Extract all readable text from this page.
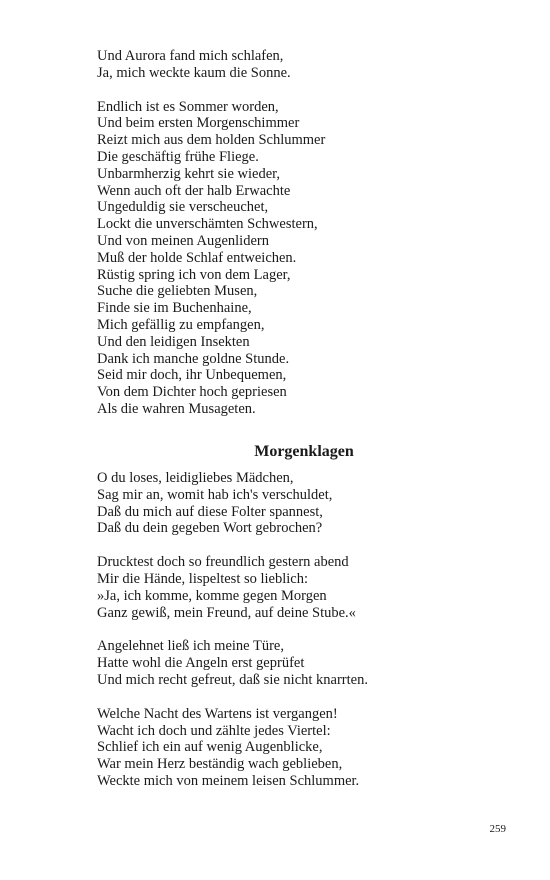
Und Aurora fand mich schlafen,
Ja, mich weckte kaum die Sonne.
Endlich ist es Sommer worden,
Und beim ersten Morgenschimmer
Reizt mich aus dem holden Schlummer
Die geschäftig frühe Fliege.
Unbarmherzig kehrt sie wieder,
Wenn auch oft der halb Erwachte
Ungeduldig sie verscheuchet,
Lockt die unverschämten Schwestern,
Und von meinen Augenlidern
Muß der holde Schlaf entweichen.
Rüstig spring ich von dem Lager,
Suche die geliebten Musen,
Finde sie im Buchenhaine,
Mich gefällig zu empfangen,
Und den leidigen Insekten
Dank ich manche goldne Stunde.
Seid mir doch, ihr Unbequemen,
Von dem Dichter hoch gepriesen
Als die wahren Musageten.
Morgenklagen
O du loses, leidigliebes Mädchen,
Sag mir an, womit hab ich's verschuldet,
Daß du mich auf diese Folter spannest,
Daß du dein gegeben Wort gebrochen?
Drucktest doch so freundlich gestern abend
Mir die Hände, lispeltest so lieblich:
»Ja, ich komme, komme gegen Morgen
Ganz gewiß, mein Freund, auf deine Stube.«
Angelehnet ließ ich meine Türe,
Hatte wohl die Angeln erst geprüfet
Und mich recht gefreut, daß sie nicht knarrten.
Welche Nacht des Wartens ist vergangen!
Wacht ich doch und zählte jedes Viertel:
Schlief ich ein auf wenig Augenblicke,
War mein Herz beständig wach geblieben,
Weckte mich von meinem leisen Schlummer.
259
